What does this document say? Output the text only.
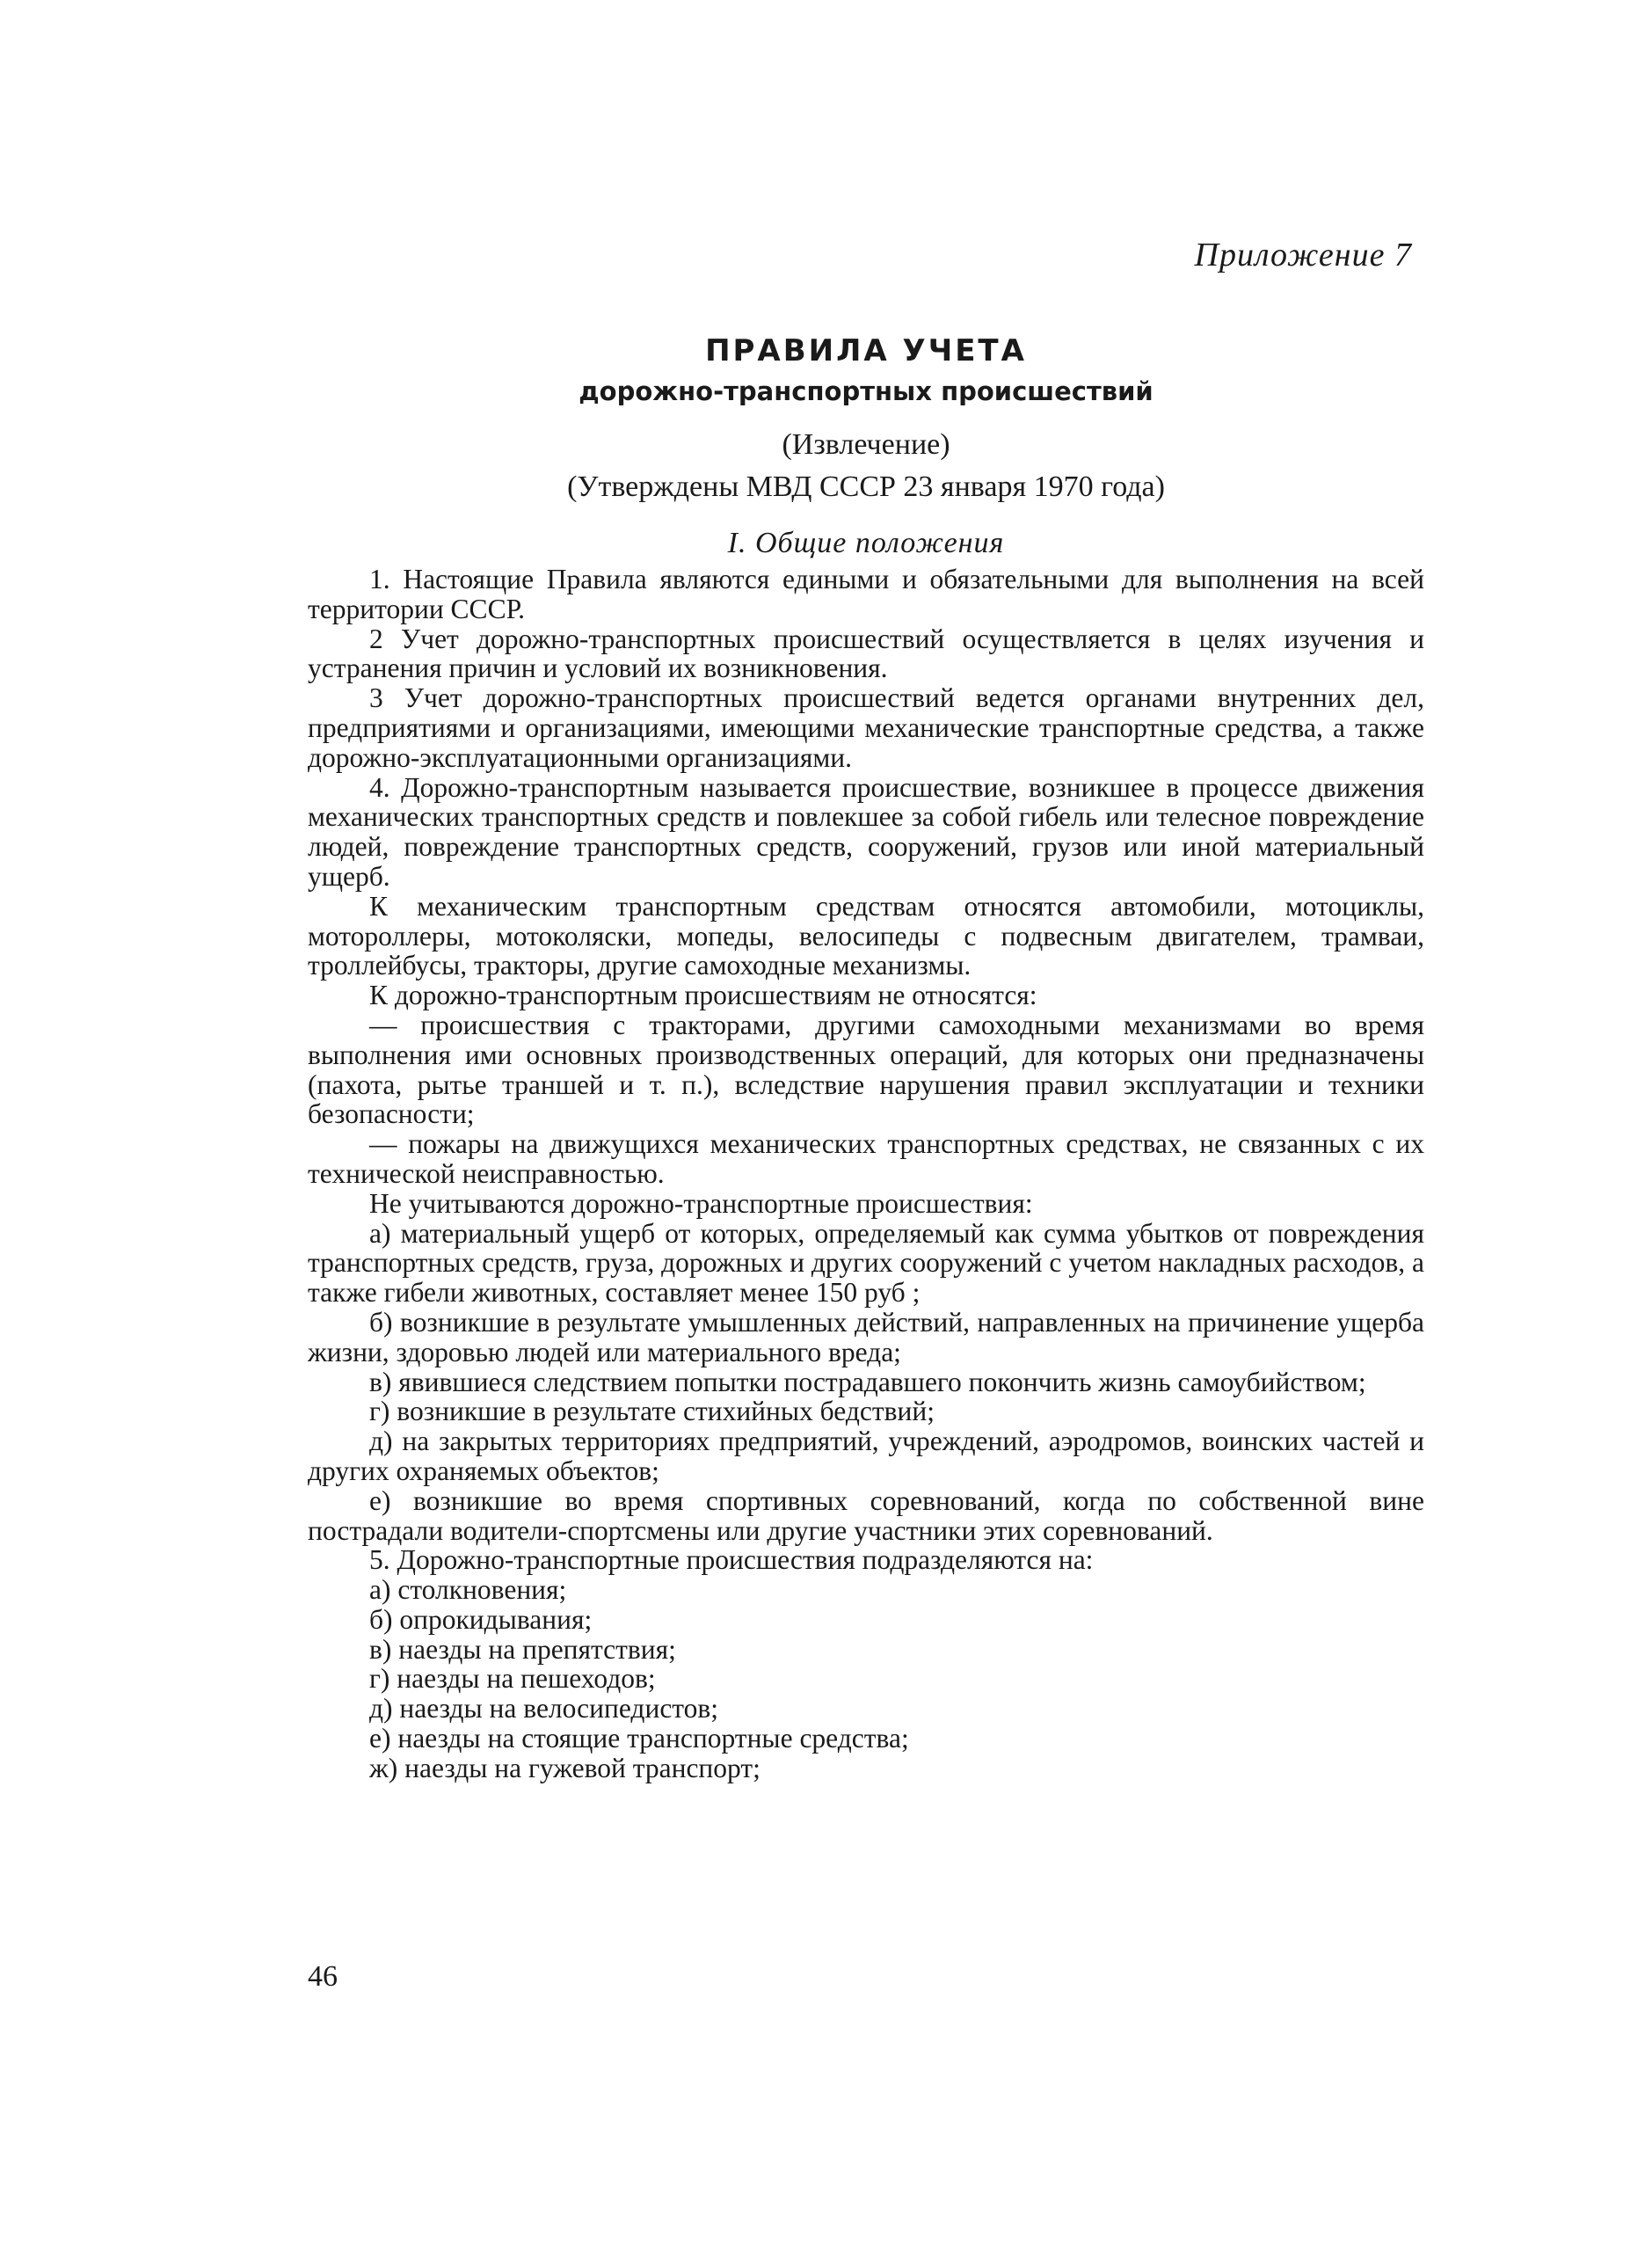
Приложение 7
ПРАВИЛА УЧЕТА
дорожно-транспортных происшествий
(Извлечение)
(Утверждены МВД СССР 23 января 1970 года)
I. Общие положения

1. Настоящие Правила являются едиными и обязательными для выполнения на всей территории СССР.

2 Учет дорожно-транспортных происшествий осуществляется в целях изучения и устранения причин и условий их возникновения.

3 Учет дорожно-транспортных происшествий ведется органами внутренних дел, предприятиями и организациями, имеющими механические транспортные средства, а также дорожно-эксплуатационными организациями.

4. Дорожно-транспортным называется происшествие, возникшее в процессе движения механических транспортных средств и повлекшее за собой гибель или телесное повреждение людей, повреждение транспортных средств, сооружений, грузов или иной материальный ущерб.

К механическим транспортным средствам относятся автомобили, мотоциклы, мотороллеры, мотоколяски, мопеды, велосипеды с подвесным двигателем, трамваи, троллейбусы, тракторы, другие самоходные механизмы.

К дорожно-транспортным происшествиям не относятся:

— происшествия с тракторами, другими самоходными механизмами во время выполнения ими основных производственных операций, для которых они предназначены (пахота, рытье траншей и т. п.), вследствие нарушения правил эксплуатации и техники безопасности;

— пожары на движущихся механических транспортных средствах, не связанных с их технической неисправностью.

Не учитываются дорожно-транспортные происшествия:

а) материальный ущерб от которых, определяемый как сумма убытков от повреждения транспортных средств, груза, дорожных и других сооружений с учетом накладных расходов, а также гибели животных, составляет менее 150 руб ;

б) возникшие в результате умышленных действий, направленных на причинение ущерба жизни, здоровью людей или материального вреда;

в) явившиеся следствием попытки пострадавшего покончить жизнь самоубийством;

г) возникшие в результате стихийных бедствий;

д) на закрытых территориях предприятий, учреждений, аэродромов, воинских частей и других охраняемых объектов;

е) возникшие во время спортивных соревнований, когда по собственной вине пострадали водители-спортсмены или другие участники этих соревнований.

5. Дорожно-транспортные происшествия подразделяются на:

а) столкновения;

б) опрокидывания;

в) наезды на препятствия;

г) наезды на пешеходов;

д) наезды на велосипедистов;

е) наезды на стоящие транспортные средства;

ж) наезды на гужевой транспорт;

46
